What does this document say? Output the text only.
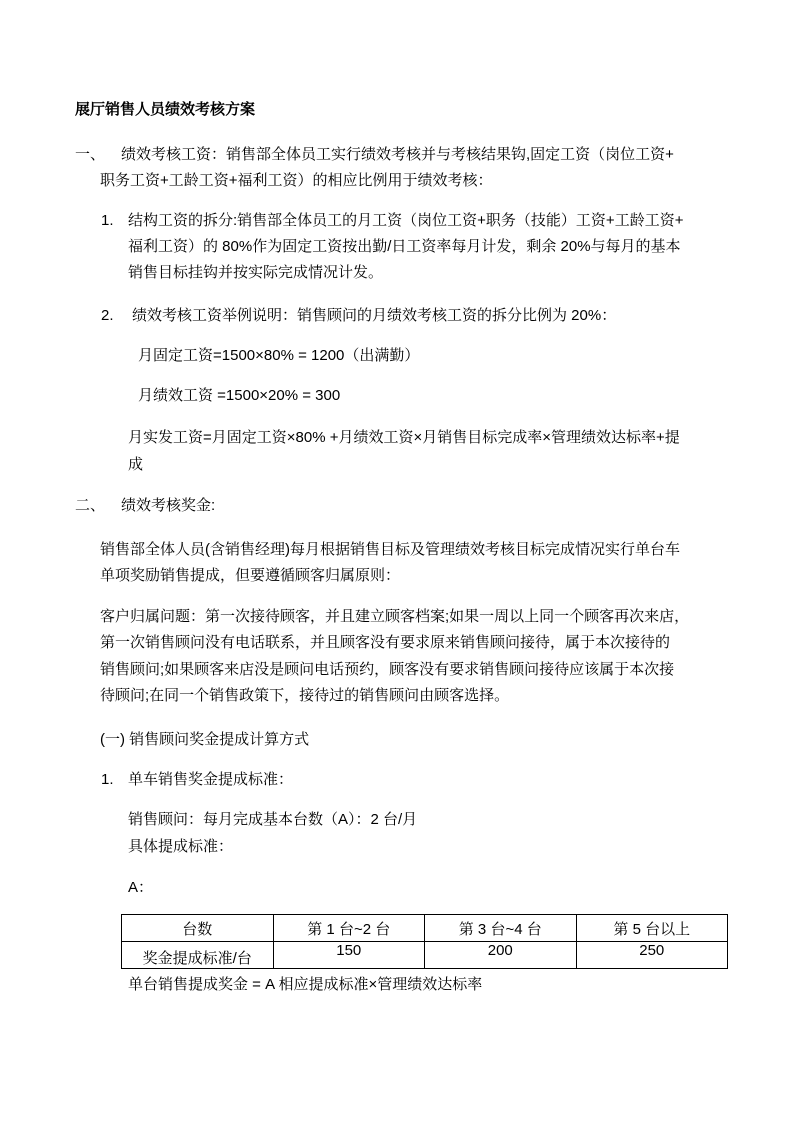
展厅销售人员绩效考核方案
一、 绩效考核工资：销售部全体员工实行绩效考核并与考核结果钩,固定工资（岗位工资+
职务工资+工龄工资+福利工资）的相应比例用于绩效考核：
1. 结构工资的拆分:销售部全体员工的月工资（岗位工资+职务（技能）工资+工龄工资+
福利工资）的 80%作为固定工资按出勤/日工资率每月计发，剩余 20%与每月的基本
销售目标挂钩并按实际完成情况计发。
2. 绩效考核工资举例说明：销售顾问的月绩效考核工资的拆分比例为 20%：
月固定工资=1500×80% = 1200（出满勤）
月绩效工资 =1500×20% = 300
月实发工资=月固定工资×80% +月绩效工资×月销售目标完成率×管理绩效达标率+提
成
二、 绩效考核奖金:
销售部全体人员(含销售经理)每月根据销售目标及管理绩效考核目标完成情况实行单台车
单项奖励销售提成，但要遵循顾客归属原则：
客户归属问题：第一次接待顾客，并且建立顾客档案;如果一周以上同一个顾客再次来店，
第一次销售顾问没有电话联系，并且顾客没有要求原来销售顾问接待，属于本次接待的
销售顾问;如果顾客来店没是顾问电话预约，顾客没有要求销售顾问接待应该属于本次接
待顾问;在同一个销售政策下，接待过的销售顾问由顾客选择。
(一) 销售顾问奖金提成计算方式
1. 单车销售奖金提成标准：
销售顾问：每月完成基本台数（A）：2 台/月
具体提成标准：
A：
台数	第 1 台~2 台	第 3 台~4 台	第 5 台以上
奖金提成标准/台	150	200	250
单台销售提成奖金 = A 相应提成标准×管理绩效达标率
